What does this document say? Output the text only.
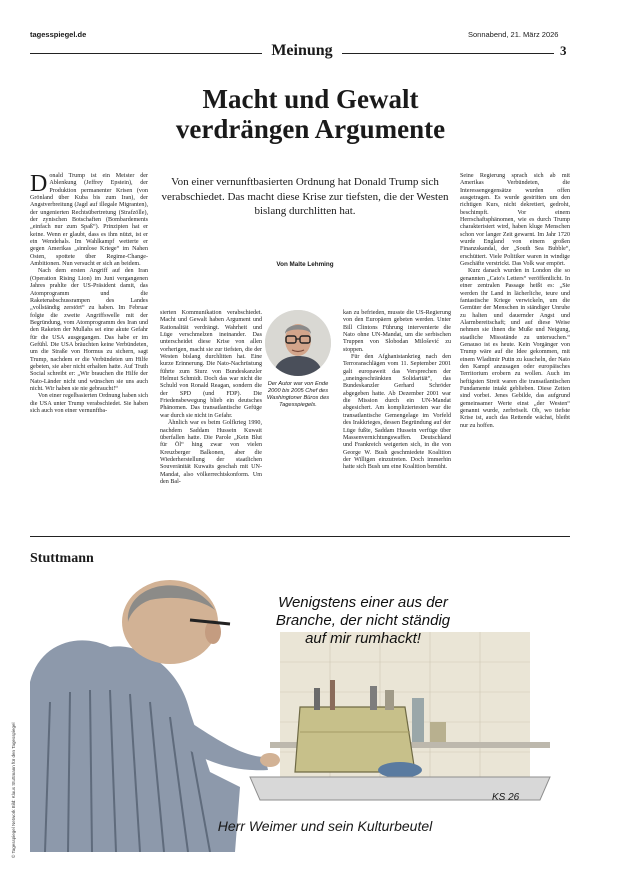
tagesspiegel.de	Sonnabend, 21. März 2026
Meinung	3
Macht und Gewalt
verdrängen Argumente

Donald Trump ist ein Meister der Ablenkung (Jeffrey Epstein), der Produktion permanenter Krisen (von Grönland über Kuba bis zum Iran), der Angstverbreitung (Jagd auf illegale Migranten), der ungenierten Rechtsübertretung (Strafzölle), der zynischen Botschaften (Bombardements „einfach nur zum Spaß“). Prinzipien hat er keine. Wenn er glaubt, dass es ihm nützt, ist er ein Wendehals. Im Wahlkampf wetterte er gegen Amerikas „sinnlose Kriege“ im Nahen Osten, spottete über Regime-Change-Ambitionen. Nun versucht er sich an beidem.

Nach dem ersten Angriff auf den Iran (Operation Rising Lion) im Juni vergangenen Jahres prahlte der US-Präsident damit, das Atomprogramm und die Raketenabschussrampen des Landes „vollständig zerstört“ zu haben. Im Februar folgte die zweite Angriffswelle mit der Begründung, vom Atomprogramm des Iran und den Raketen der Mullahs sei eine akute Gefahr für die USA ausgegangen. Das habe er im Gefühl. Die USA bräuchten keine Verbündeten, um die Straße von Hormus zu sichern, sagt Trump, nachdem er die Verbündeten um Hilfe gebeten, sie aber nicht erhalten hatte. Auf Truth Social schreibt er: „Wir brauchen die Hilfe der Nato-Länder nicht und wünschen sie uns auch nicht. Wir haben sie nie gebraucht!“

Von einer regelbasierten Ordnung haben sich die USA unter Trump verabschiedet. Sie haben sich auch von einer vernunftba-

Von einer vernunftbasierten Ordnung hat Donald Trump sich verabschiedet. Das macht diese Krise zur tiefsten, die der Westen bislang durchlitten hat.
Von Malte Lehming

sierten Kommunikation verabschiedet. Macht und Gewalt haben Argument und Rationalität verdrängt. Wahrheit und Lüge verschmelzen ineinander. Das unterscheidet diese Krise von allen vorherigen, macht sie zur tiefsten, die der Westen bislang durchlitten hat. Eine kurze Erinnerung. Die Nato-Nachrüstung führte zum Sturz von Bundeskanzler Helmut Schmidt. Doch das war nicht die Schuld von Ronald Reagan, sondern die der SPD (und FDP). Die Friedensbewegung blieb ein deutsches Phänomen. Das transatlantische Gefüge war durch sie nicht in Gefahr.

Ähnlich war es beim Golfkrieg 1990, nachdem Saddam Hussein Kuwait überfallen hatte. Die Parole „Kein Blut für Öl“ hing zwar von vielen Kreuzberger Balkonen, aber die Wiederherstellung der staatlichen Souveränität Kuwaits geschah mit UN-Mandat, also völkerrechtskonform. Um den Bal-

Der Autor war von Ende 2000 bis 2005 Chef des Washingtoner Büros des Tagesspiegels.

kan zu befrieden, musste die US-Regierung von den Europäern gebeten werden. Unter Bill Clintons Führung intervenierte die Nato ohne UN-Mandat, um die serbischen Truppen von Slobodan Milošević zu stoppen.

Für den Afghanistankrieg nach den Terroranschlägen vom 11. September 2001 galt europaweit das Versprechen der „uneingeschränkten Solidarität“, das Bundeskanzler Gerhard Schröder abgegeben hatte. Ab Dezember 2001 war die Mission durch ein UN-Mandat abgesichert. Am kompliziertesten war die transatlantische Gemengelage im Vorfeld des Irakkrieges, dessen Begründung auf der Lüge fußte, Saddam Hussein verfüge über Massenvernichtungswaffen. Deutschland und Frankreich weigerten sich, in die von George W. Bush geschmiedete Koalition der Willigen einzutreten. Doch immerhin hatte sich Bush um eine Koalition bemüht.

Seine Regierung sprach sich ab mit Amerikas Verbündeten, die Interessengegensätze wurden offen ausgetragen. Es wurde gestritten um den richtigen Kurs, nicht dekretiert, gedroht, beschimpft. Vor einem Herrschaftsphänomen, wie es durch Trump charakterisiert wird, haben kluge Menschen schon vor langer Zeit gewarnt. Im Jahr 1720 wurde England von einem großen Finanzskandal, der „South Sea Bubble“, erschüttert. Viele Politiker waren in windige Geschäfte verstrickt. Das Volk war empört.

Kurz danach wurden in London die so genannten „Cato's Letters“ veröffentlicht. In einer zentralen Passage heißt es: „Sie werden ihr Land in lächerliche, teure und fantastische Kriege verwickeln, um die Gemüter der Menschen in ständiger Unruhe zu halten und dauernder Angst und Alarmbereitschaft; und auf diese Weise nehmen sie ihnen die Muße und Neigung, staatliche Missstände zu untersuchen.“ Genauso ist es heute. Kein Vorgänger von Trump wäre auf die Idee gekommen, mit einem Wladimir Putin zu kuscheln, der Nato den Kampf anzusagen oder europäisches Territorium erobern zu wollen. Auch im heftigsten Streit waren die transatlantischen Fundamente intakt geblieben. Diese Zeiten sind vorbei. Jenes Gebilde, das aufgrund gemeinsamer Werte einst „der Westen“ genannt wurde, zerbröselt. Ob, wo tiefste Krise ist, auch das Rettende wächst, bleibt nur zu hoffen.

Stuttmann
Wenigstens einer aus der
Branche, der nicht ständig
auf mir rumhackt!
KS 26
Herr Weimer und sein Kulturbeutel
© Tagesspiegel Network Bild: Klaus Stuttmann für den Tagesspiegel
